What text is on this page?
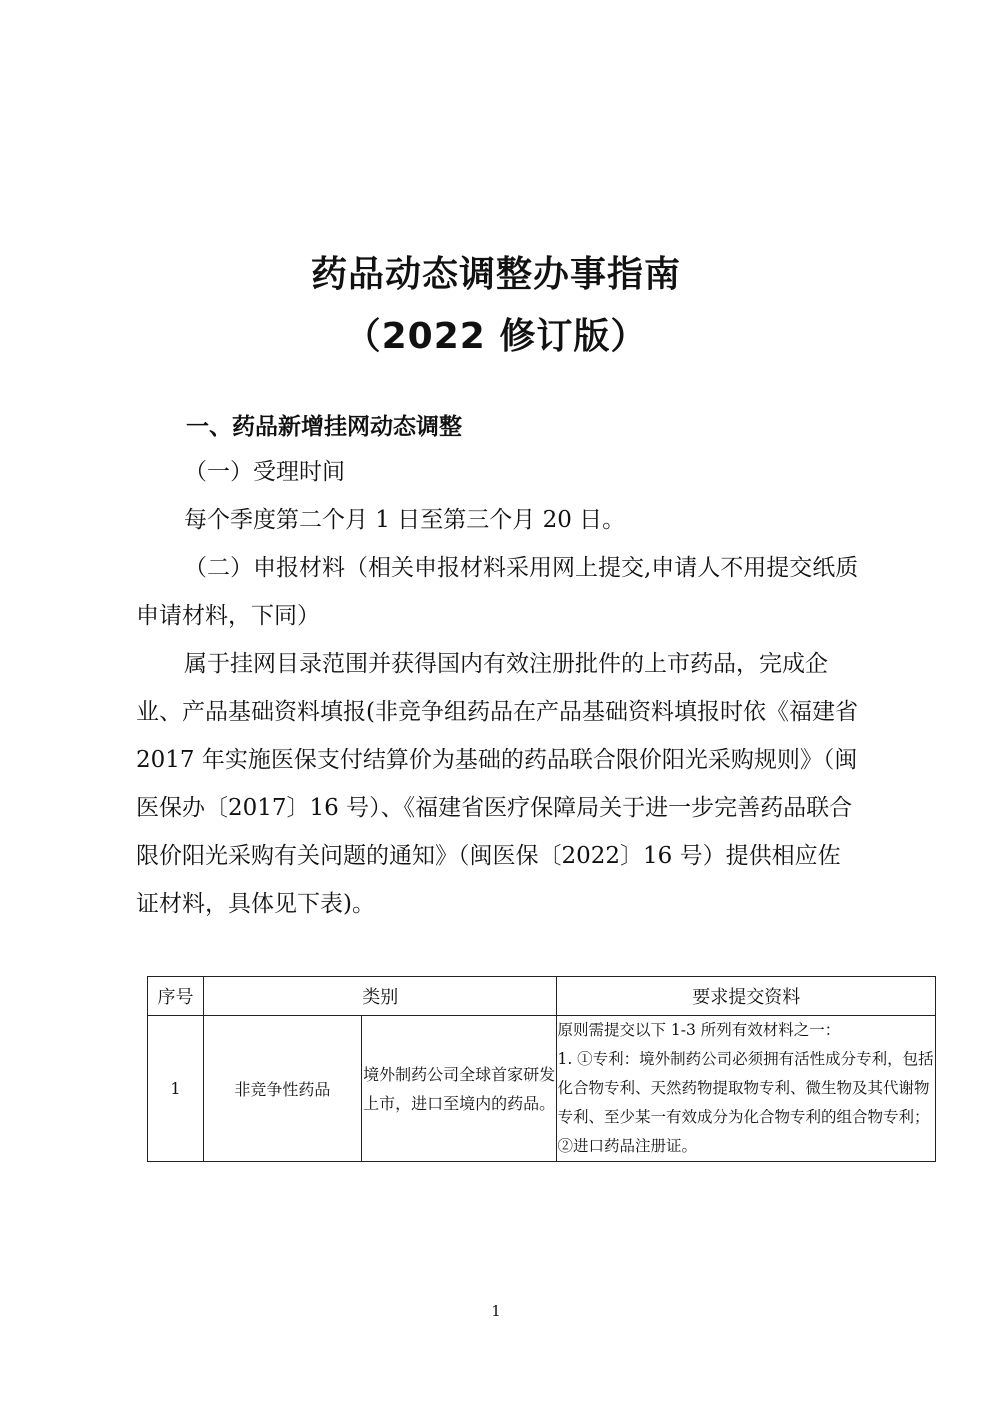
药品动态调整办事指南
（2022 修订版）
一、药品新增挂网动态调整
（一）受理时间
每个季度第二个月 1 日至第三个月 20 日。
（二）申报材料（相关申报材料采用网上提交,申请人不用提交纸质申请材料，下同）
属于挂网目录范围并获得国内有效注册批件的上市药品，完成企业、产品基础资料填报(非竞争组药品在产品基础资料填报时依《福建省 2017 年实施医保支付结算价为基础的药品联合限价阳光采购规则》（闽医保办〔2017〕16 号）、《福建省医疗保障局关于进一步完善药品联合限价阳光采购有关问题的通知》（闽医保〔2022〕16 号）提供相应佐证材料，具体见下表)。
序号	类别		要求提交资料
1	非竞争性药品	境外制药公司全球首家研发上市，进口至境内的药品。	原则需提交以下 1-3 所列有效材料之一：
1. ①专利：境外制药公司必须拥有活性成分专利，包括化合物专利、天然药物提取物专利、微生物及其代谢物专利、至少某一有效成分为化合物专利的组合物专利；
②进口药品注册证。
1
